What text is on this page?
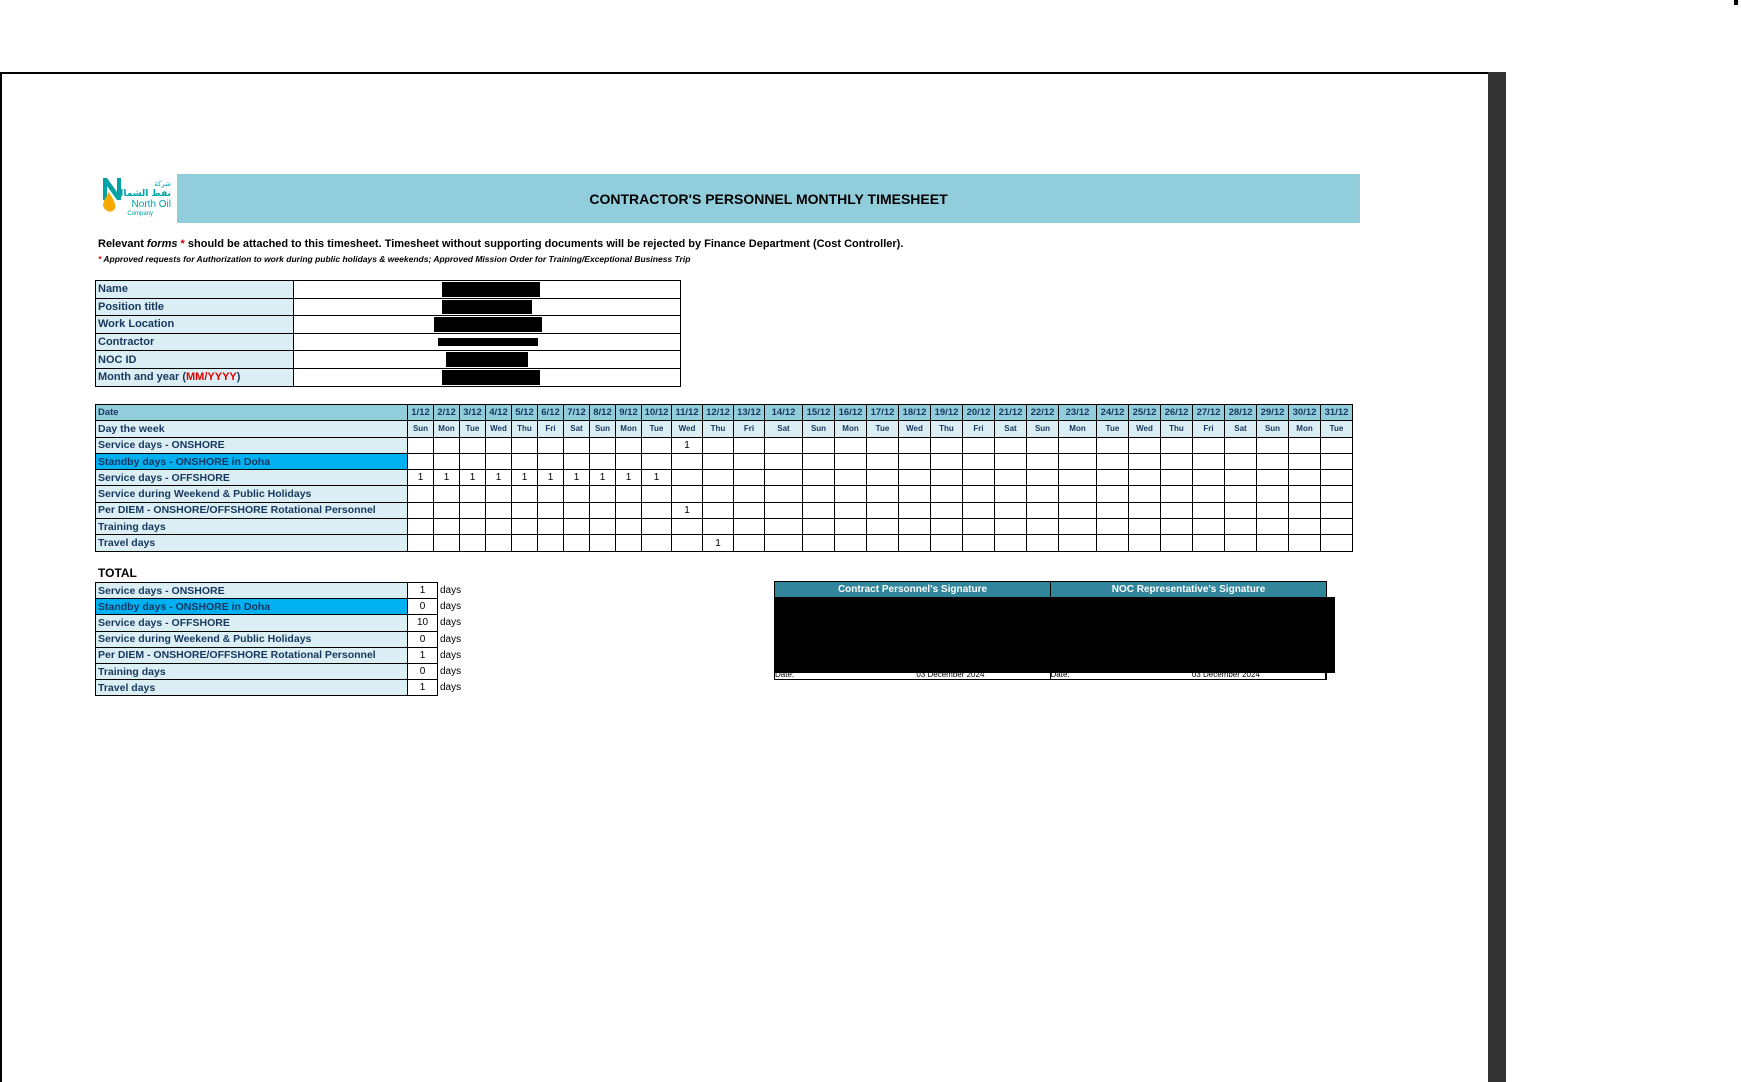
شركة
نفط الشمال
North Oil
Company
CONTRACTOR'S PERSONNEL MONTHLY TIMESHEET
Relevant forms * should be attached to this timesheet. Timesheet without supporting documents will be rejected by Finance Department (Cost Controller).
* Approved requests for Authorization to work during public holidays & weekends; Approved Mission Order for Training/Exceptional Business Trip
Name	

Position title	

Work Location	

Contractor	

NOC ID	

Month and year (MM/YYYY)	
Date	1/12	2/12	3/12	4/12	5/12	6/12	7/12	8/12	9/12	10/12	11/12	12/12	13/12	14/12	15/12	16/12	17/12	18/12	19/12	20/12	21/12	22/12	23/12	24/12	25/12	26/12	27/12	28/12	29/12	30/12	31/12
Day the week	Sun	Mon	Tue	Wed	Thu	Fri	Sat	Sun	Mon	Tue	Wed	Thu	Fri	Sat	Sun	Mon	Tue	Wed	Thu	Fri	Sat	Sun	Mon	Tue	Wed	Thu	Fri	Sat	Sun	Mon	Tue
Service days - ONSHORE											1																				
Standby days - ONSHORE in Doha																															
Service days - OFFSHORE	1	1	1	1	1	1	1	1	1	1																					
Service during Weekend & Public Holidays																															
Per DIEM - ONSHORE/OFFSHORE Rotational Personnel											1																				
Training days																															
Travel days												1																			
TOTAL
Service days - ONSHORE	1	days
Standby days - ONSHORE in Doha	0	days
Service days - OFFSHORE	10	days
Service during Weekend & Public Holidays	0	days
Per DIEM - ONSHORE/OFFSHORE Rotational Personnel	1	days
Training days	0	days
Travel days	1	days
Contract Personnel's Signature	NOC Representative's Signature
Date:	03 December 2024	Date:	03 December 2024
